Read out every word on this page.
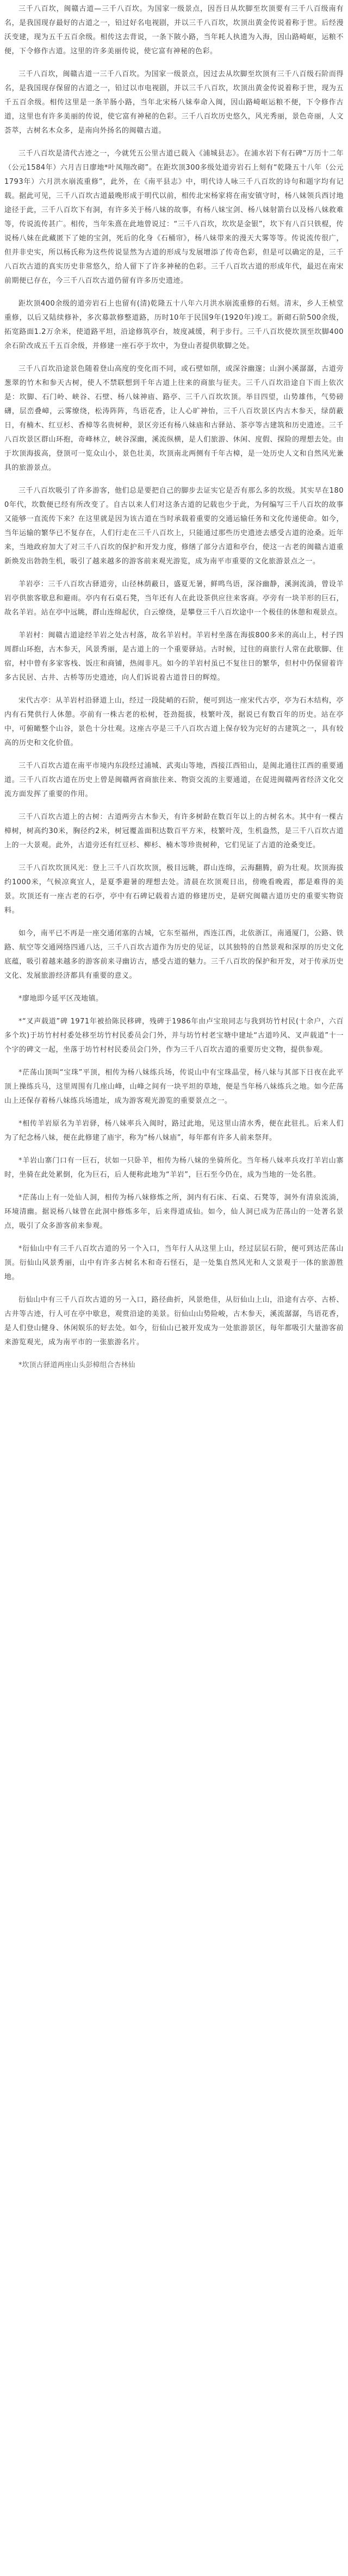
三千八百坎，闽赣古道—三千八百坎。为国家一级景点，因吾日从坎脚至坎顶要有三千八百级南有名，是我国现存最好的古道之一，铅过好名电视剧，并以三千八百坎，坎顶出黄金传说着称于世。后经漫沃变建，现为五千五百余级。相传这去背说，一条下陂小路，当年耗人执遗为入海，因山路崎岖，运粮不便，下令修作古道。这里的许多美丽传说，使它富有神秘的色彩。

三千八百坎，闽赣古道一三千八百坎。为国家一级景点，因过去从坎脚至坎顶有三千八百级石阶而得名，是我国现存保留的古道之一，铅过以市电视剧，并以三千八百坎，坎顶出黄金传说着称于世，现为五千五百余级。相传这里是一条羊肠小路，当年北宋杨八妹奉命入闽，因山路崎岖运粮不便，下令修作古道，这里也有许多美丽的传说，使它富有神秘的色彩。三千八百坎历史悠久，风光秀丽，景色奇丽，人文荟萃，古树名木众多，是南向外扬名的闽赣古道。

三千八百坎是清代古迹之一，今就凭五公里古道已载入《浦城县志》。在浦水岩下有石碑“万历十二年（公元1584年）六月吉日廖地*叶凤翔改砌”。在距坎顶300多级处道旁岩石上刻有“乾隆五十八年（公元1793年）六月洪水崩流重修”，此外，在《南平县志》中，明代诗人咏三千八百坎的诗句和题字均有记载。据此可见，三千八百坎古道最晚形成于明代以前，相传北宋杨家将在南安镇守时，杨八妹领兵西讨地途径于此，三千八百坎下有洞，有许多关于杨八妹的故事，有杨八妹宝剑、杨八妹射箭台以及杨八妹救难等，传说流传甚广。相传，当年朱熹在此地曾说过：“三千八百坎，坎坎是金银”，坎下有八百只铁棍，传说杨八妹在此藏匿下了她的宝剑，死后的化身《石桶帘》，杨八妹带来的漫天大雾等等。传说流传很广，但并非史实，所以杨氏称为这些传说显然为古道的形成与发展增添了传奇色彩，但是可以确定的是，三千八百坎古道的真实历史非常悠久，给人留下了许多神秘的色彩。三千八百坎古道的形成年代，最迟在南宋前期便已存在，今三千八百坎古道仍留有许多历史遗迹。

距坎顶400余级的道旁岩石上也留有(清)乾隆五十八年六月洪水崩流重修的石刻。清末，乡人王桢堂重修，以后又陆续修补，多次募款修整道路，历时10年于民国9年(1920年)竣工。新砌石阶500余级，拓宽路面1.2万余米，使道路平坦，沿途修筑亭台，坡度减缓，利于步行。三千八百坎使坎顶至坎脚400余石阶改成五千五百余级，并修建一座石亭于坎中，为登山者提供歇脚之处。

三千八百坎沿途景色随着登山高度的变化而不同，或石壁如削，或深谷幽邃；山涧小溪潺潺，古道旁葱翠的竹木和参天古树，使人不禁联想到千年古道上往来的商旅与征夫。三千八百坎沿途自下而上依次是：坎脚、石门岭、峡谷、石壁、杨八妹神庙、路亭、三千八百坎坎顶。举目四望，山势雄伟，气势磅礴，层峦叠嶂，云雾缭绕，松涛阵阵，鸟语花香，让人心旷神怡，三千八百坎景区内古木参天，绿荫蔽日，有楠木、红豆杉、香樟等名贵树种，景区旁还有杨八妹庙和古驿站、茶亭等古建筑和历史遗迹。三千八百坎景区群山环抱，奇峰林立，峡谷深幽，溪流纵横，是人们旅游、休闲、度假、探险的理想去处。由于坎顶海拔高，登顶可一览众山小，景色壮美，坎顶南北两侧有千年古樟，是一处历史人文和自然风光兼具的旅游景点。

三千八百坎吸引了许多游客，他们总是要把自己的脚步去证实它是否有那么多的坎级。其实早在1800年代，坎数便已经有所改变了。自古以来人们对这条古道的记载也少于此，为何编写三千八百坎的故事又能够一直流传下来？在这里就是因为该古道在当时承载着重要的交通运输任务和文化传递使命。如今，当年运输的繁华已不复存在，人们行走在三千八百坎上，只能通过那些历史遗迹去感受古道的沧桑。近年来，当地政府加大了对三千八百坎的保护和开发力度，修缮了部分古道和亭台，使这一古老的闽赣古道重新焕发出勃勃生机，吸引了越来越多的游客前来观光游览，成为南平市重要的文化旅游景点之一。

羊岩亭：三千八百坎古驿道旁，山径林荫蔽日，盛夏无暑，鲜鸣鸟语，深谷幽静，溪涧流淌，曾设羊岩亭供旅客歇息和避雨。亭内有石桌石凳，当年还有人在此设茶供应往来客商。亭旁有一块羊形的巨石，故名羊岩。站在亭中远眺，群山连绵起伏，白云缭绕，是攀登三千八百坎途中一个极佳的休憩和观景点。

羊岩村：闽赣古道途经羊岩之处古村落，故名羊岩村。羊岩村坐落在海拔800多米的高山上，村子四周群山环抱，古木参天，风景秀丽，是古道上的一个重要驿站。古时候，过往的商旅行人常在此歇脚、住宿，村中曾有多家客栈、饭庄和商铺，热闹非凡。如今的羊岩村虽已不复往日的繁华，但村中仍保留着许多古民居、古井、古桥等历史遗迹，向人们诉说着古道昔日的辉煌。

宋代古亭：从羊岩村沿驿道上山，经过一段陡峭的石阶，便可到达一座宋代古亭，亭为石木结构，亭内有石凳供行人休憩。亭前有一株古老的松树，苍劲挺拔，枝繁叶茂，据说已有数百年的历史。站在亭中，可俯瞰整个山谷，景色十分壮观。这座古亭是三千八百坎古道上保存较为完好的古建筑之一，具有较高的历史和文化价值。

三千八百坎古道在南平市境内东段经过浦城、武夷山等地，西接江西铅山，是闽北通往江西的重要通道。三千八百坎古道在历史上曾是闽赣两省商旅往来、物资交流的主要通道，在促进闽赣两省经济文化交流方面发挥了重要的作用。

三千八百坎古道上的古树：古道两旁古木参天，有许多树龄在数百年以上的古树名木。其中有一棵古樟树，树高约30米，胸径约2米，树冠覆盖面积达数百平方米，枝繁叶茂，生机盎然，是三千八百坎古道上的一大景观。此外，古道旁还有红豆杉、柳杉、楠木等珍贵树种，它们见证了古道的沧桑变迁。

三千八百坎坎顶风光：登上三千八百坎坎顶，极目远眺，群山连绵，云海翻腾，蔚为壮观。坎顶海拔约1000米，气候凉爽宜人，是夏季避暑的理想去处。清晨在坎顶观日出，傍晚看晚霞，都是难得的美景。坎顶还有一座古老的石亭，亭中有石碑记载着古道的修建历史，是研究闽赣古道历史的重要实物资料。

如今，南平已不再是一座交通闭塞的古城，它东至福州，西连江西，北依浙江，南通厦门，公路、铁路、航空等交通网络四通八达，三千八百坎古道作为历史的见证，以其独特的自然景观和深厚的历史文化底蕴，吸引着越来越多的游客前来寻幽访古，感受古道的魅力。三千八百坎的保护和开发，对于传承历史文化、发展旅游经济都具有重要的意义。

*廖地即今延平区茂地镇。

*“叉声载道”碑 1971年被拾陈民移碑，残碑于1986年由卢宝琅同志与我到坊竹村民(十余户，六百多个坎)于坊竹村村委处移至坊竹村民委员会门外，并与坊竹村老宝塘中建址“古道吟风、叉声载道”十一个字的碑文一起，坐落于坊竹村村民委员会门外，作为三千八百坎古道的重要历史文物，提供参观。

*茫荡山顶叫“宝珠”平顶，相传为杨八妹练兵场，传说山中有宝珠晶莹，杨八妹与其部下日夜在此平顶上操练兵马，这里周围有几座山峰，山峰之间有一块平坦的草地，便是当年杨八妹练兵之地。如今茫荡山上还保存着杨八妹练兵场遗址，成为游客观光游览的重要景点之一。

*相传羊岩原名为羊岩驿，杨八妹率兵入闽时，路过此地，见这里山清水秀，便在此驻扎。后来人们为了纪念杨八妹，便在此修建了庙宇，称为“杨八妹庙”，每年都有许多人前来祭拜。

*羊岩山寨门口有一巨石，状如一只卧羊，相传为杨八妹的坐骑所化。当年杨八妹率兵攻打羊岩山寨时，坐骑在此处累倒，化为巨石，后人便称此地为“羊岩”，巨石至今仍在，成为当地的一处名胜。

*茫荡山上有一处仙人洞，相传为杨八妹修炼之所，洞内有石床、石桌、石凳等，洞外有清泉流淌，环境清幽。据说杨八妹曾在此洞中修炼多年，后来得道成仙。如今，仙人洞已成为茫荡山的一处著名景点，吸引了众多游客前来参观。

*衍仙山中有三千八百坎古道的另一个入口，当年行人从这里上山，经过层层石阶，便可到达茫荡山顶。衍仙山风景秀丽，山中有许多古树名木和奇石怪石，是一处集自然风光和人文景观于一体的旅游胜地。

衍仙山中有三千八百坎古道的另一入口，路径曲折，风景绝佳，从衍仙山上山，沿途有古亭、古桥、古井等古迹，行人可在亭中歇息，观赏沿途的美景。衍仙山山势险峻，古木参天，溪流潺潺，鸟语花香，是人们登山健身、休闲娱乐的好去处。如今，衍仙山已被开发成为一处旅游景区，每年都吸引大量游客前来游览观光，成为南平市的一张旅游名片。

*坎顶古驿道两座山头彭樟组合杏林仙
